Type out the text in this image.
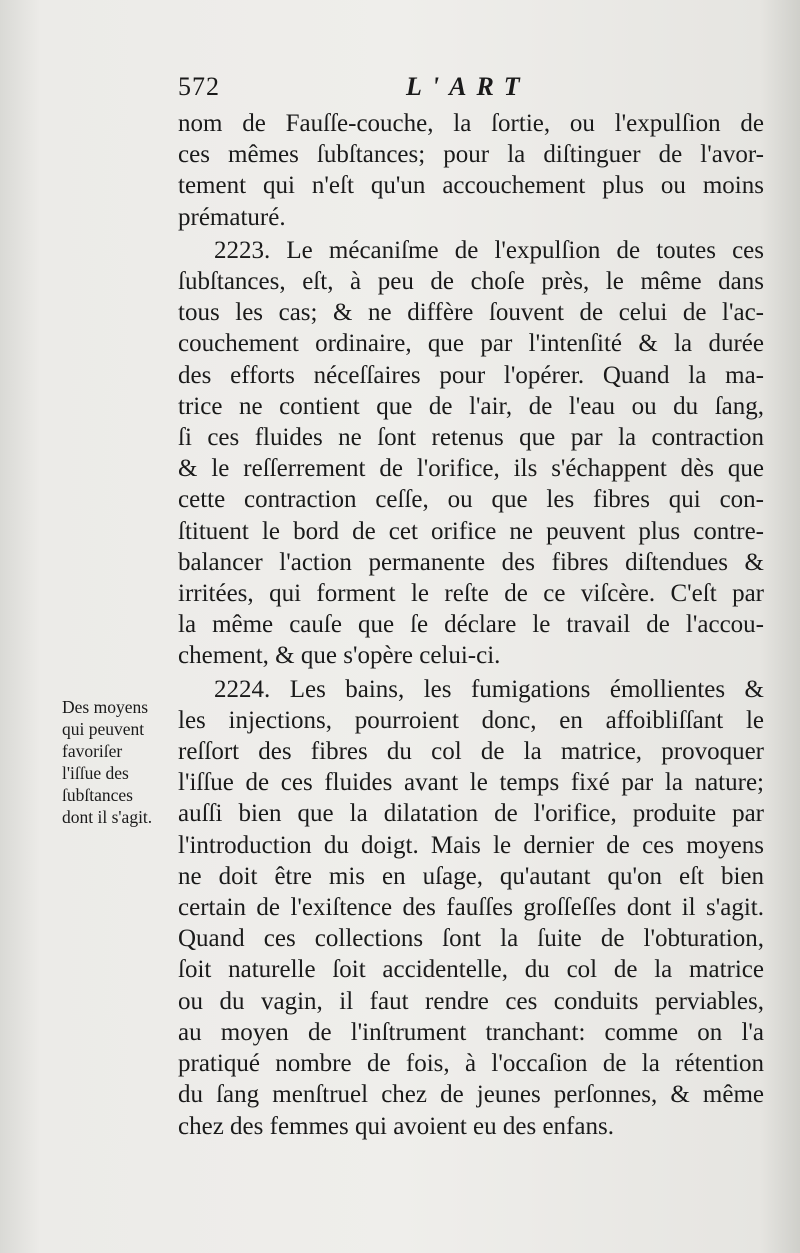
572	L'ART
nom de Fauſſe-couche, la ſortie, ou l'expulſion de
ces mêmes ſubſtances; pour la diſtinguer de l'avor-
tement qui n'eſt qu'un accouchement plus ou moins
prématuré.
2223. Le mécaniſme de l'expulſion de toutes ces
ſubſtances, eſt, à peu de choſe près, le même dans
tous les cas; & ne diffère ſouvent de celui de l'ac-
couchement ordinaire, que par l'intenſité & la durée
des efforts néceſſaires pour l'opérer. Quand la ma-
trice ne contient que de l'air, de l'eau ou du ſang,
ſi ces fluides ne ſont retenus que par la contraction
& le reſſerrement de l'orifice, ils s'échappent dès que
cette contraction ceſſe, ou que les fibres qui con-
ſtituent le bord de cet orifice ne peuvent plus contre-
balancer l'action permanente des fibres diſtendues &
irritées, qui forment le reſte de ce viſcère. C'eſt par
la même cauſe que ſe déclare le travail de l'accou-
chement, & que s'opère celui-ci.
2224. Les bains, les fumigations émollientes &
les injections, pourroient donc, en affoibliſſant le
reſſort des fibres du col de la matrice, provoquer
l'iſſue de ces fluides avant le temps fixé par la nature;
auſſi bien que la dilatation de l'orifice, produite par
l'introduction du doigt. Mais le dernier de ces moyens
ne doit être mis en uſage, qu'autant qu'on eſt bien
certain de l'exiſtence des fauſſes groſſeſſes dont il s'agit.
Quand ces collections ſont la ſuite de l'obturation,
ſoit naturelle ſoit accidentelle, du col de la matrice
ou du vagin, il faut rendre ces conduits perviables,
au moyen de l'inſtrument tranchant: comme on l'a
pratiqué nombre de fois, à l'occaſion de la rétention
du ſang menſtruel chez de jeunes perſonnes, & même
chez des femmes qui avoient eu des enfans.
Des moyens
qui peuvent
favoriſer
l'iſſue des
ſubſtances
dont il s'agit.
